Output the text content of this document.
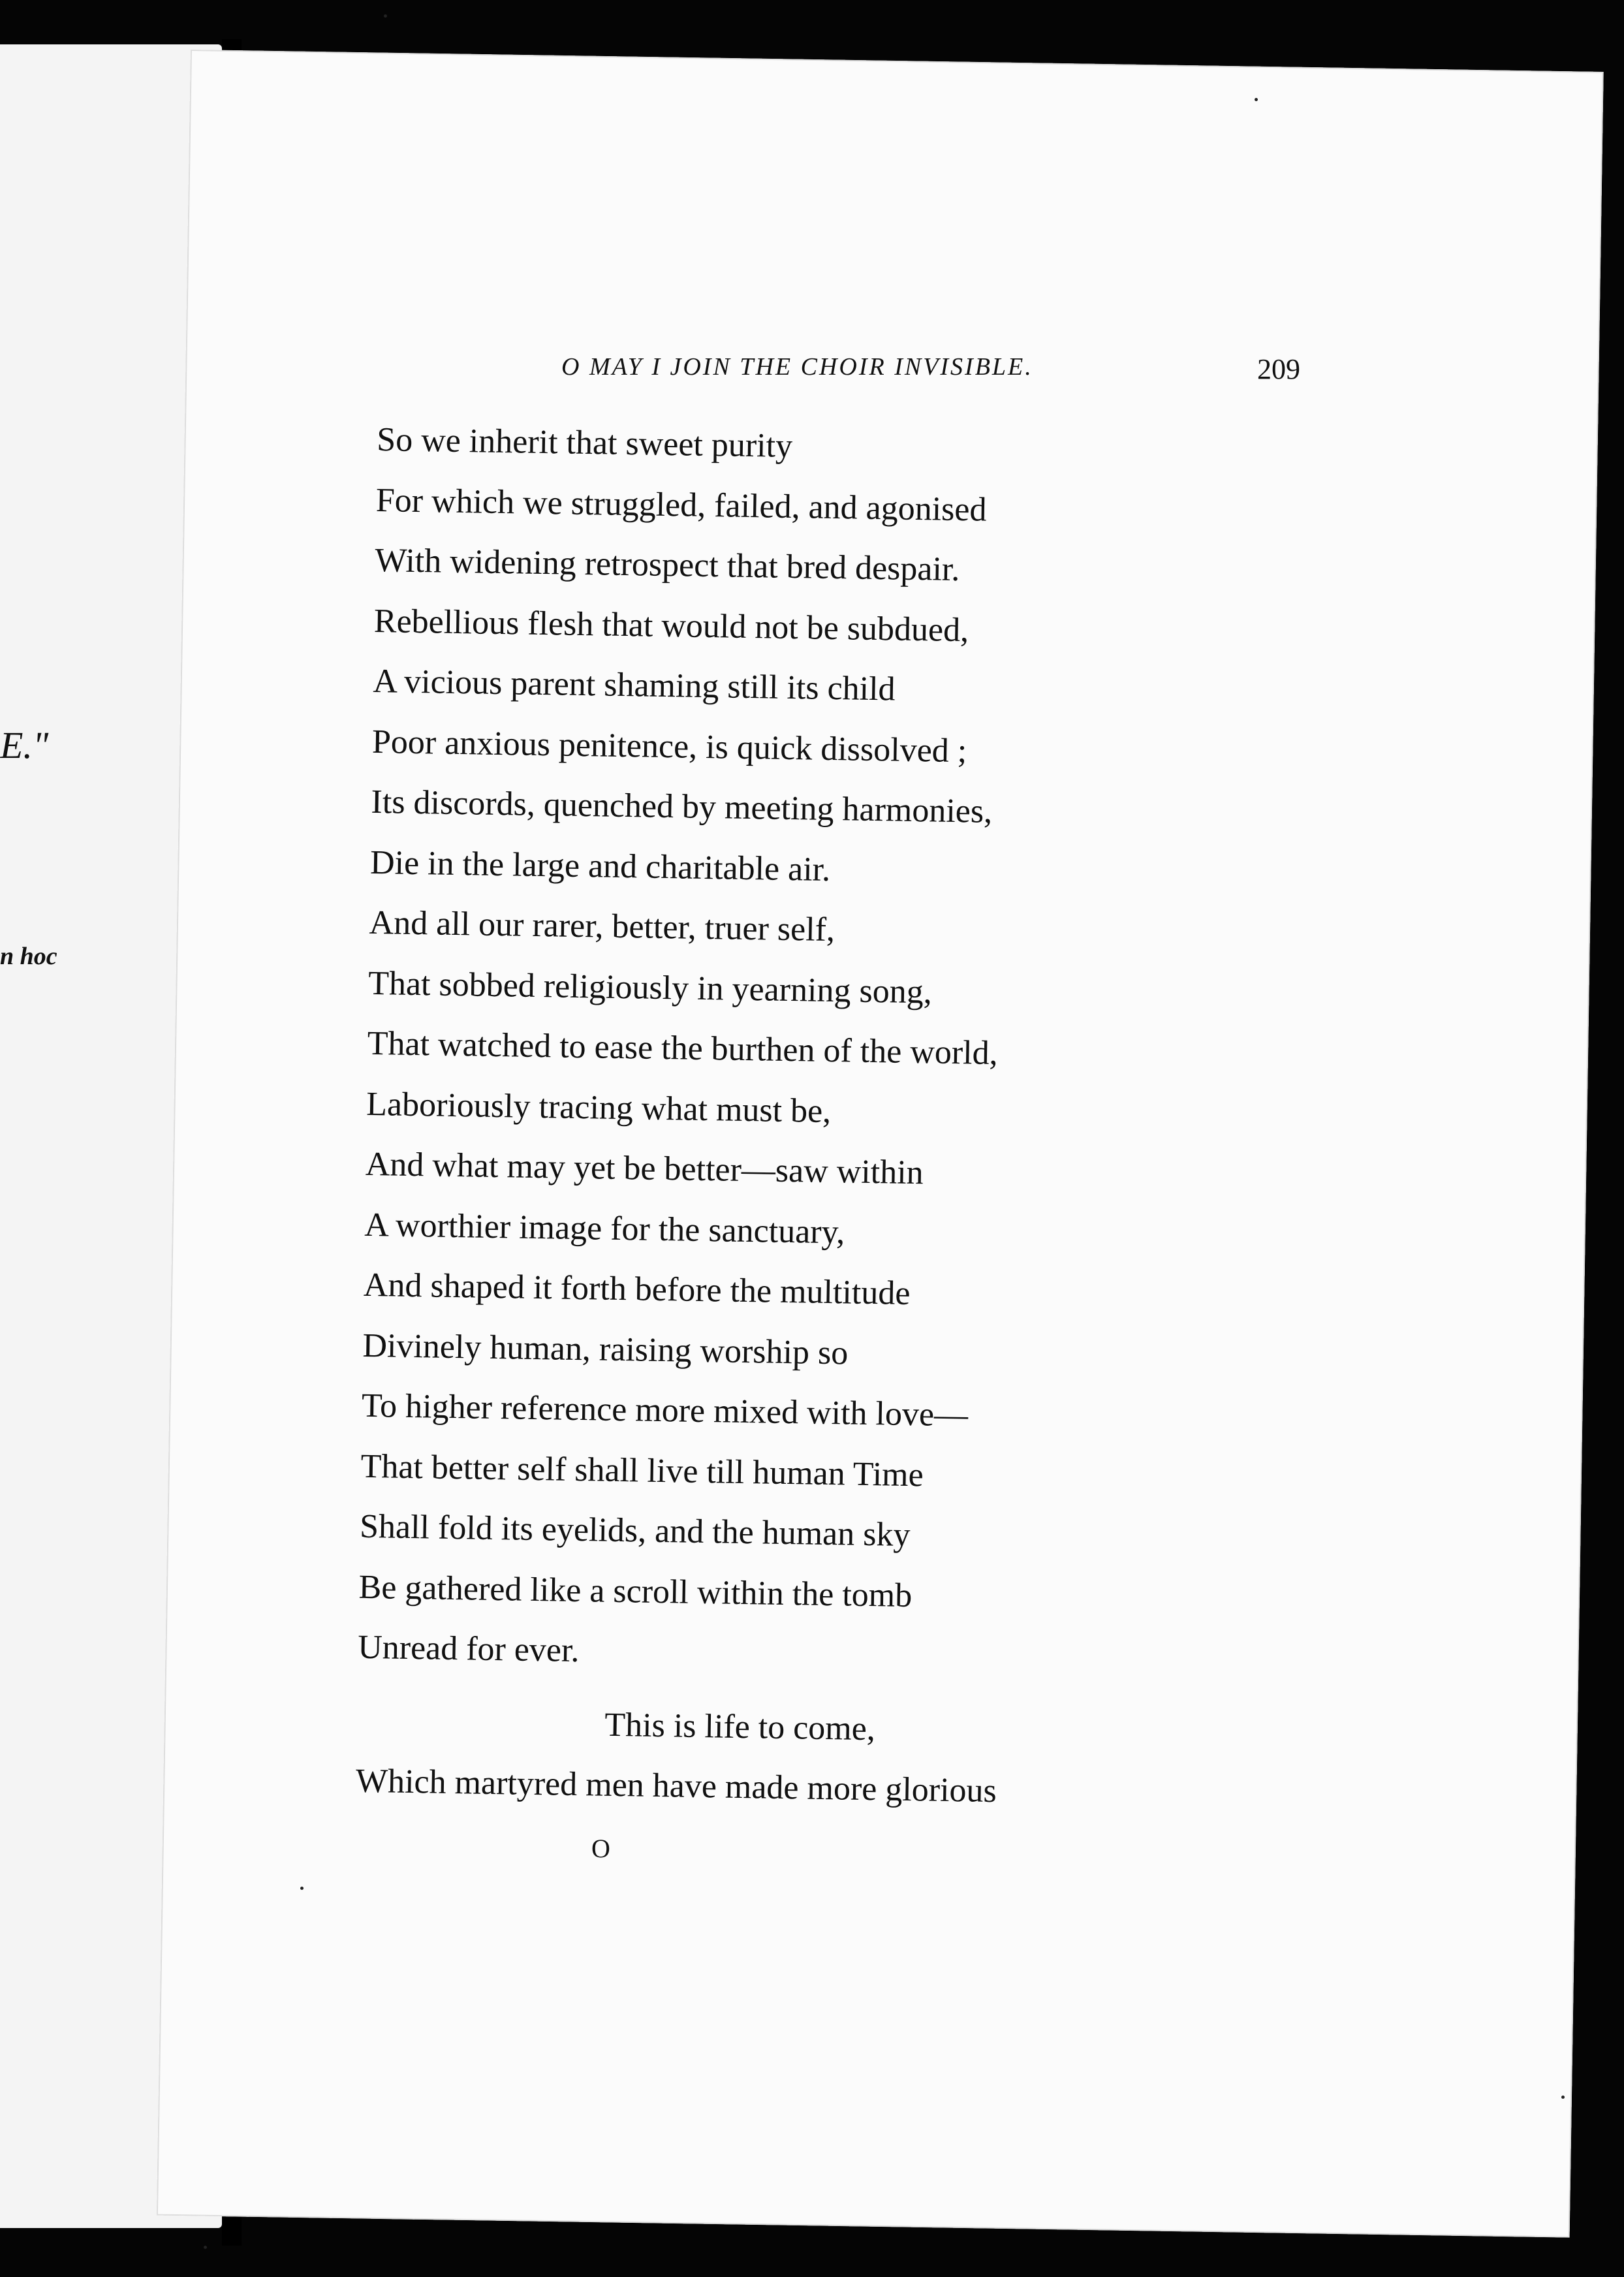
E."
n hoc
O MAY I JOIN THE CHOIR INVISIBLE.	209
So we inherit that sweet purity
For which we struggled, failed, and agonised
With widening retrospect that bred despair.
Rebellious flesh that would not be subdued,
A vicious parent shaming still its child
Poor anxious penitence, is quick dissolved ;
Its discords, quenched by meeting harmonies,
Die in the large and charitable air.
And all our rarer, better, truer self,
That sobbed religiously in yearning song,
That watched to ease the burthen of the world,
Laboriously tracing what must be,
And what may yet be better—saw within
A worthier image for the sanctuary,
And shaped it forth before the multitude
Divinely human, raising worship so
To higher reference more mixed with love—
That better self shall live till human Time
Shall fold its eyelids, and the human sky
Be gathered like a scroll within the tomb
Unread for ever.
This is life to come,
Which martyred men have made more glorious
O
